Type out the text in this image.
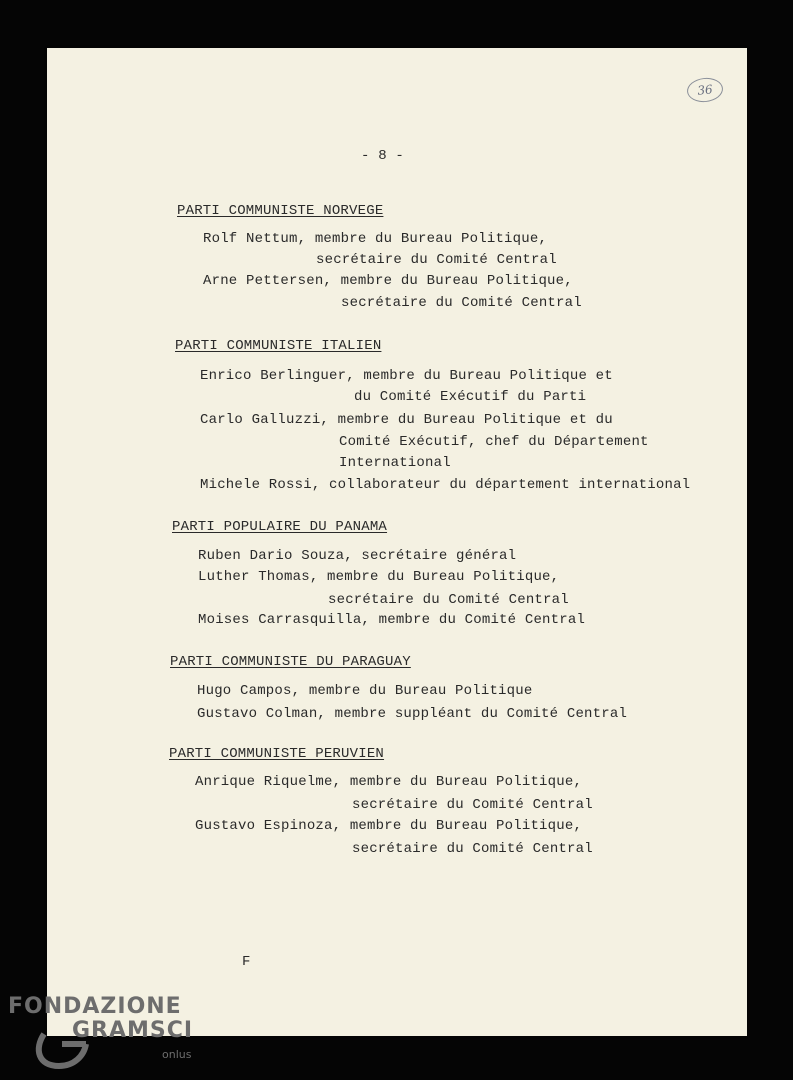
36
- 8 -
PARTI COMMUNISTE NORVEGE
Rolf Nettum, membre du Bureau Politique,
secrétaire du Comité Central
Arne Pettersen, membre du Bureau Politique,
secrétaire du Comité Central
PARTI COMMUNISTE ITALIEN
Enrico Berlinguer, membre du Bureau Politique et
du Comité Exécutif du Parti
Carlo Galluzzi, membre du Bureau Politique et du
Comité Exécutif, chef du Département
International
Michele Rossi, collaborateur du département international
PARTI POPULAIRE DU PANAMA
Ruben Dario Souza, secrétaire général
Luther Thomas, membre du Bureau Politique,
secrétaire du Comité Central
Moises Carrasquilla, membre du Comité Central
PARTI COMMUNISTE DU PARAGUAY
Hugo Campos, membre du Bureau Politique
Gustavo Colman, membre suppléant du Comité Central
PARTI COMMUNISTE PERUVIEN
Anrique Riquelme, membre du Bureau Politique,
secrétaire du Comité Central
Gustavo Espinoza, membre du Bureau Politique,
secrétaire du Comité Central
F
FONDAZIONE
GRAMSCI
onlus
